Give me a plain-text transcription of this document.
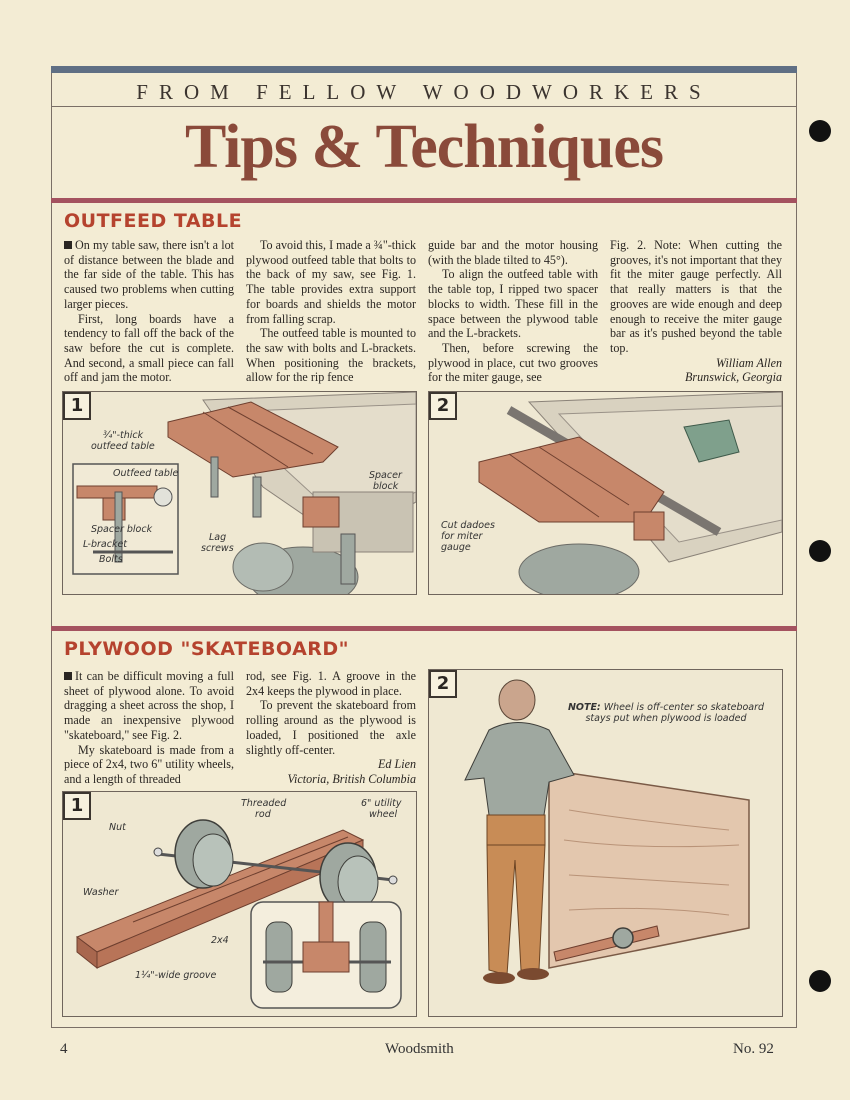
FROM FELLOW WOODWORKERS
Tips & Techniques
OUTFEED TABLE

On my table saw, there isn't a lot of distance between the blade and the far side of the table. This has caused two problems when cutting larger pieces.

First, long boards have a tendency to fall off the back of the saw before the cut is complete. And second, a small piece can fall off and jam the motor.

To avoid this, I made a ¾"-thick plywood outfeed table that bolts to the back of my saw, see Fig. 1. The table provides extra support for boards and shields the motor from falling scrap.

The outfeed table is mounted to the saw with bolts and L-brackets. When positioning the brackets, allow for the rip fence

guide bar and the motor housing (with the blade tilted to 45°).

To align the outfeed table with the table top, I ripped two spacer blocks to width. These fill in the space between the plywood table and the L-brackets.

Then, before screwing the plywood in place, cut two grooves for the miter gauge, see

Fig. 2. Note: When cutting the grooves, it's not important that they fit the miter gauge perfectly. All that really matters is that the grooves are wide enough and deep enough to receive the miter gauge bar as it's pushed beyond the table top.

William Allen

Brunswick, Georgia

1
¾"-thick
outfeed table
Outfeed table
Spacer block
L-bracket
Bolts
Lag
screws
Spacer
block
2
Cut dadoes
for miter
gauge
PLYWOOD "SKATEBOARD"

It can be difficult moving a full sheet of plywood alone. To avoid dragging a sheet across the shop, I made an inexpensive plywood "skateboard," see Fig. 2.

My skateboard is made from a piece of 2x4, two 6" utility wheels, and a length of threaded

rod, see Fig. 1. A groove in the 2x4 keeps the plywood in place.

To prevent the skateboard from rolling around as the plywood is loaded, I positioned the axle slightly off-center.

Ed Lien

Victoria, British Columbia

1	Threaded
rod
6" utility
wheel
Nut
Washer
2x4
1¼"-wide groove
2
NOTE: Wheel is off-center so skateboard
stays put when plywood is loaded
4	Woodsmith	No. 92
